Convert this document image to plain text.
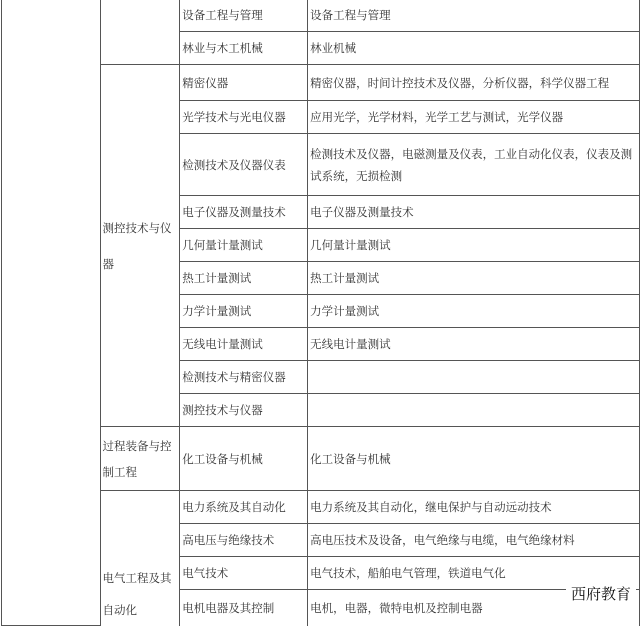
		设备工程与管理	设备工程与管理
		林业与木工机械	林业机械
	测控技术与仪器	精密仪器	精密仪器，时间计控技术及仪器，分析仪器，科学仪器工程
		光学技术与光电仪器	应用光学，光学材料，光学工艺与测试，光学仪器
		检测技术及仪器仪表	检测技术及仪器，电磁测量及仪表，工业自动化仪表，仪表及测试系统，无损检测
		电子仪器及测量技术	电子仪器及测量技术
		几何量计量测试	几何量计量测试
		热工计量测试	热工计量测试
		力学计量测试	力学计量测试
		无线电计量测试	无线电计量测试
		检测技术与精密仪器	
		测控技术与仪器	
	过程装备与控制工程	化工设备与机械	化工设备与机械
	电气工程及其自动化	电力系统及其自动化	电力系统及其自动化，继电保护与自动远动技术
		高电压与绝缘技术	高电压技术及设备，电气绝缘与电缆，电气绝缘材料
		电气技术	电气技术，船舶电气管理，铁道电气化
		电机电器及其控制	电机，电器，微特电机及控制电器
西府教育
